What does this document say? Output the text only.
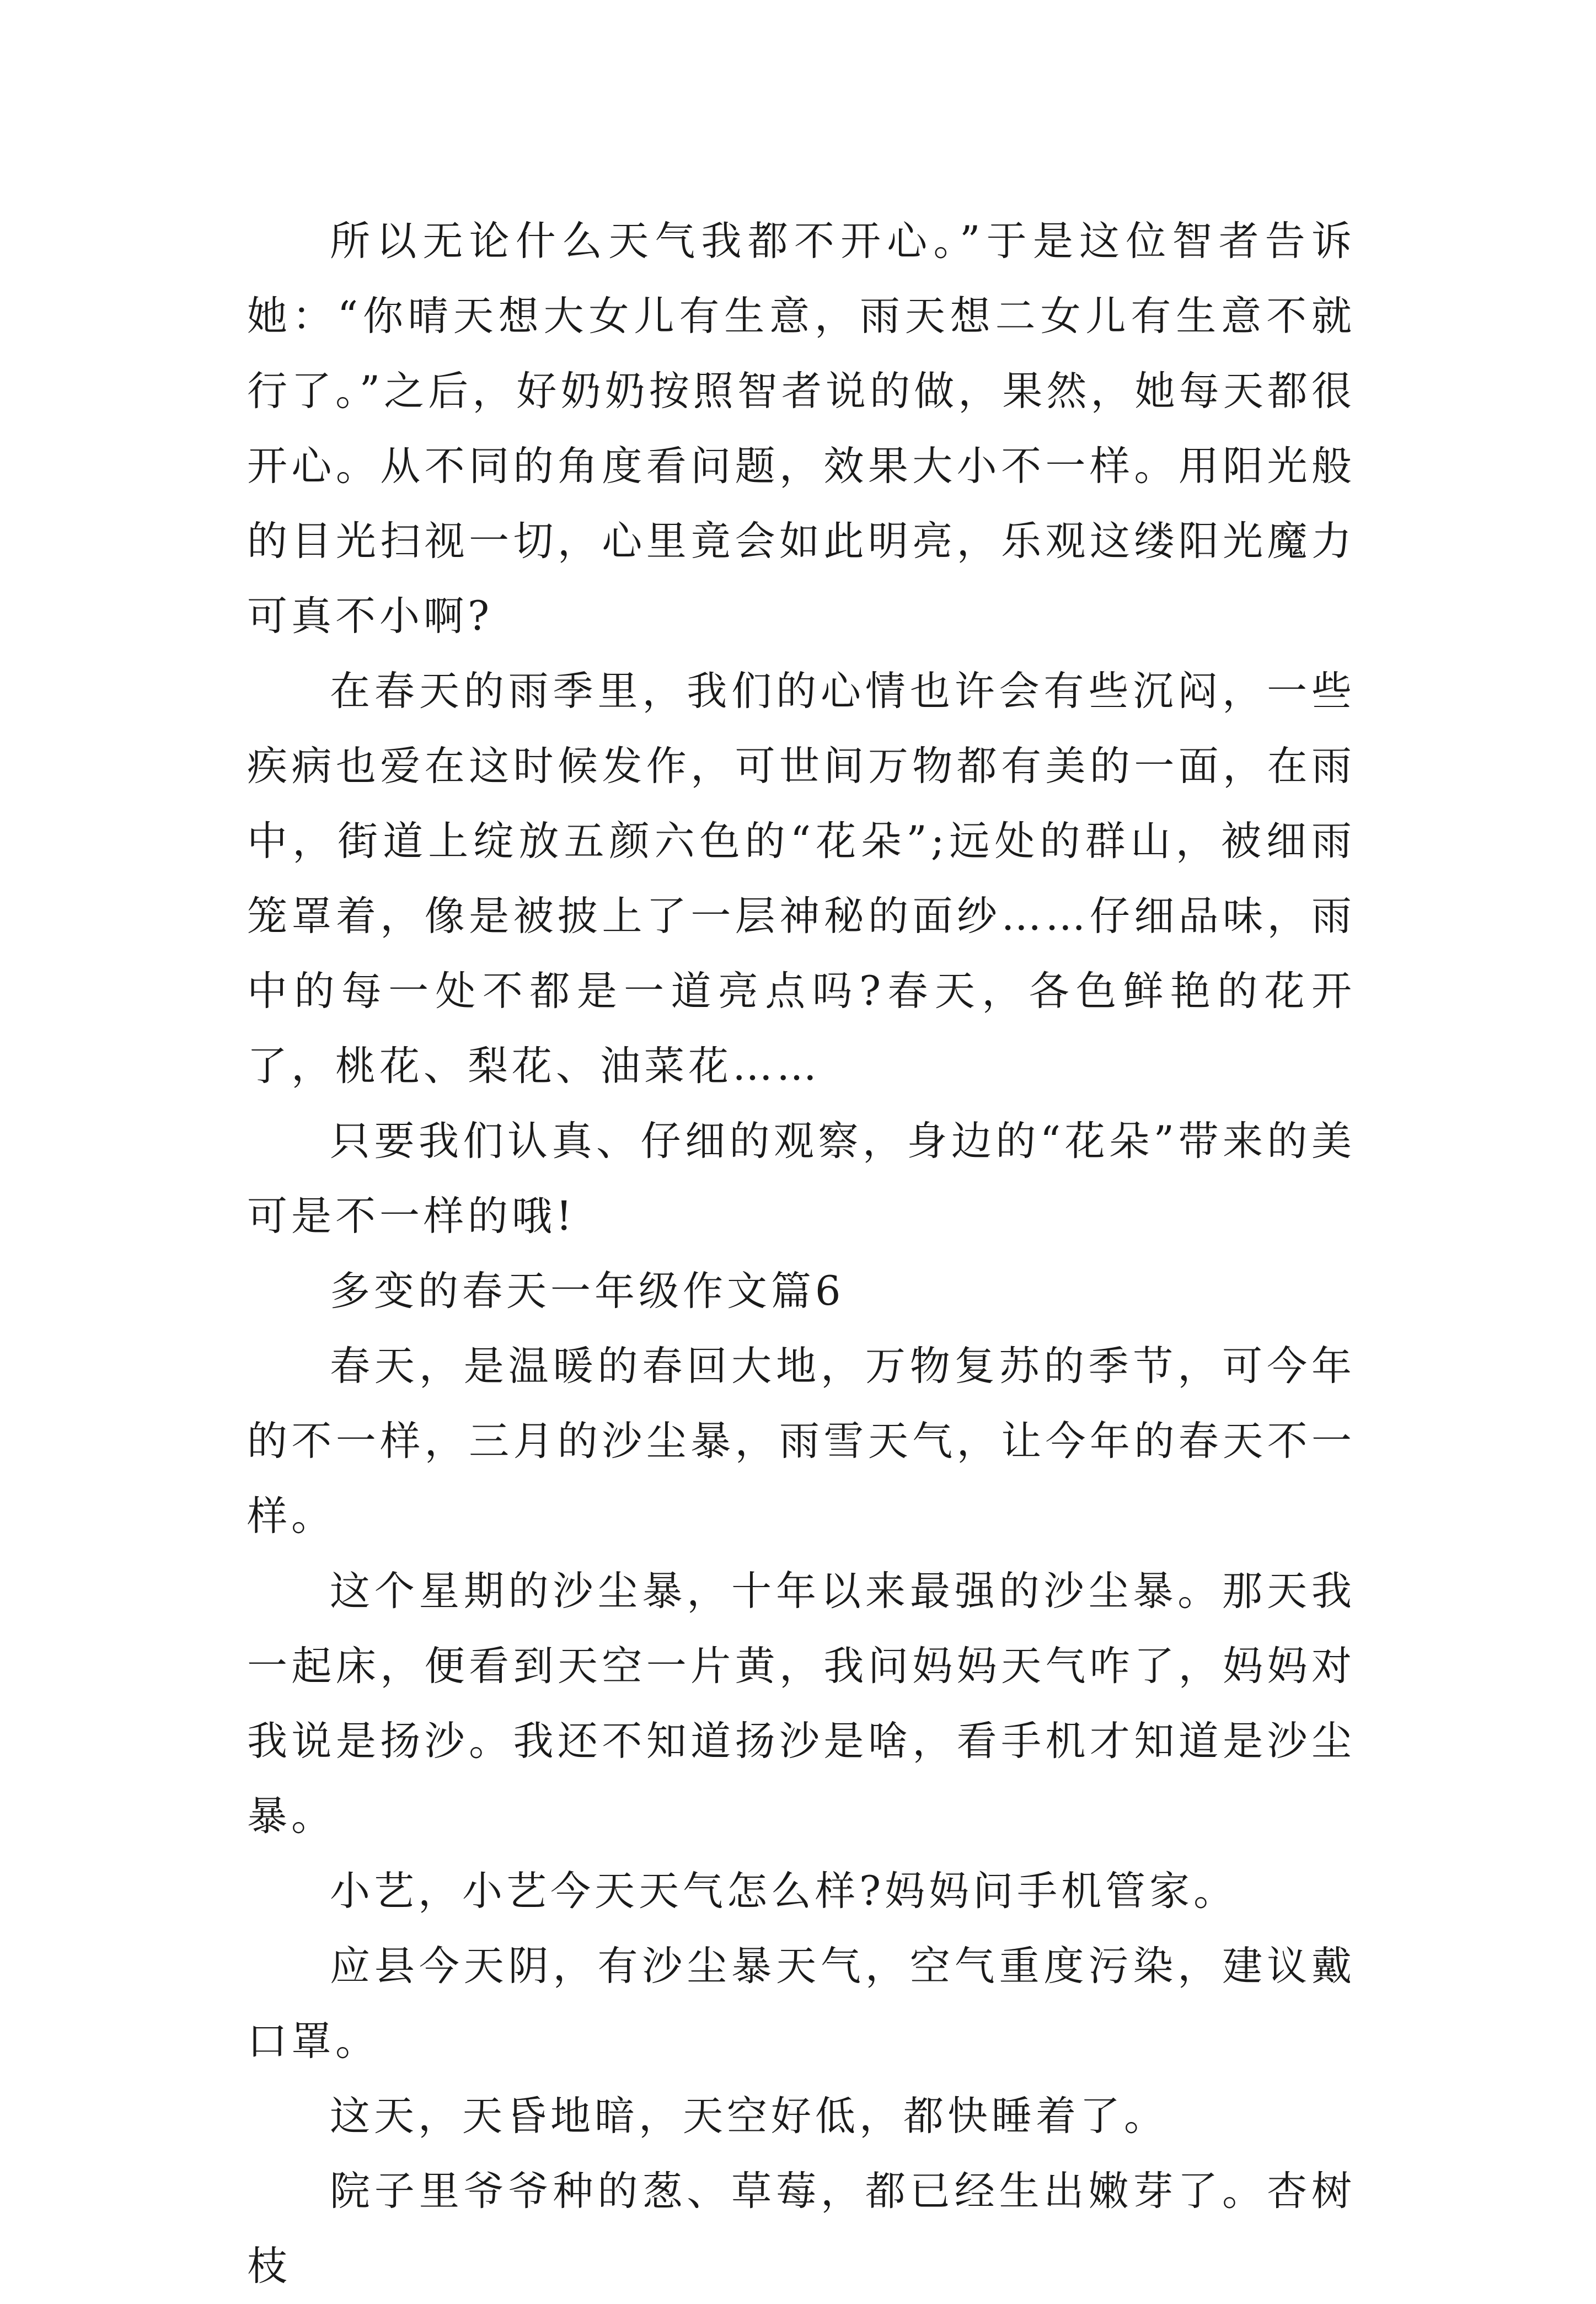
所以无论什么天气我都不开心。”于是这位智者告诉她：“你晴天想大女儿有生意，雨天想二女儿有生意不就行了。”之后，好奶奶按照智者说的做，果然，她每天都很开心。从不同的角度看问题，效果大小不一样。用阳光般的目光扫视一切，心里竟会如此明亮，乐观这缕阳光魔力可真不小啊?

在春天的雨季里，我们的心情也许会有些沉闷，一些疾病也爱在这时候发作，可世间万物都有美的一面，在雨中，街道上绽放五颜六色的“花朵”;远处的群山，被细雨笼罩着，像是被披上了一层神秘的面纱……仔细品味，雨中的每一处不都是一道亮点吗?春天，各色鲜艳的花开了，桃花、梨花、油菜花……

只要我们认真、仔细的观察，身边的“花朵”带来的美可是不一样的哦!

多变的春天一年级作文篇6

春天，是温暖的春回大地，万物复苏的季节，可今年的不一样，三月的沙尘暴，雨雪天气，让今年的春天不一样。

这个星期的沙尘暴，十年以来最强的沙尘暴。那天我一起床，便看到天空一片黄，我问妈妈天气咋了，妈妈对我说是扬沙。我还不知道扬沙是啥，看手机才知道是沙尘暴。

小艺，小艺今天天气怎么样?妈妈问手机管家。

应县今天阴，有沙尘暴天气，空气重度污染，建议戴口罩。

这天，天昏地暗，天空好低，都快睡着了。

院子里爷爷种的葱、草莓，都已经生出嫩芽了。杏树枝
